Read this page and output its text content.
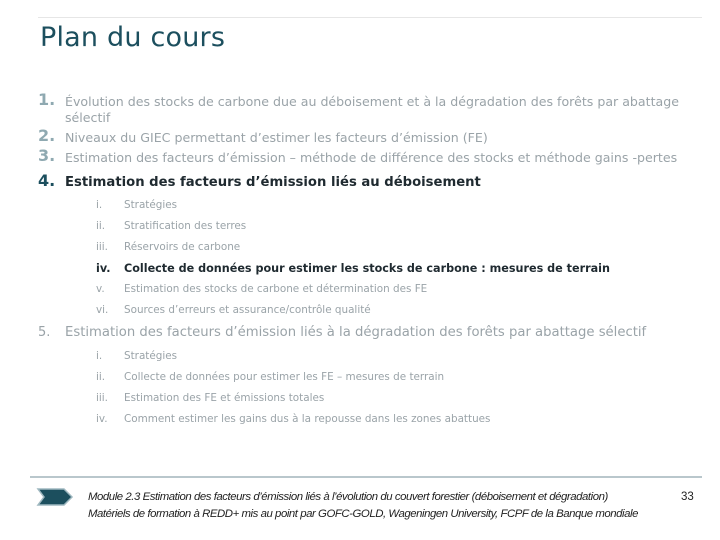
Plan du cours
1. Évolution des stocks de carbone due au déboisement et à la dégradation des forêts par abattage sélectif
2. Niveaux du GIEC permettant d’estimer les facteurs d’émission (FE)
3. Estimation des facteurs d’émission – méthode de différence des stocks et méthode gains -pertes
4. Estimation des facteurs d’émission liés au déboisement
i. Stratégies
ii. Stratification des terres
iii. Réservoirs de carbone
iv. Collecte de données pour estimer les stocks de carbone : mesures de terrain
v. Estimation des stocks de carbone et détermination des FE
vi. Sources d’erreurs et assurance/contrôle qualité
5. Estimation des facteurs d’émission liés à la dégradation des forêts par abattage sélectif
i. Stratégies
ii. Collecte de données pour estimer les FE – mesures de terrain
iii. Estimation des FE et émissions totales
iv. Comment estimer les gains dus à la repousse dans les zones abattues
Module 2.3 Estimation des facteurs d’émission liés à l’évolution du couvert forestier (déboisement et dégradation)
Matériels de formation à REDD+ mis au point par GOFC-GOLD, Wageningen University, FCPF de la Banque mondiale
33
